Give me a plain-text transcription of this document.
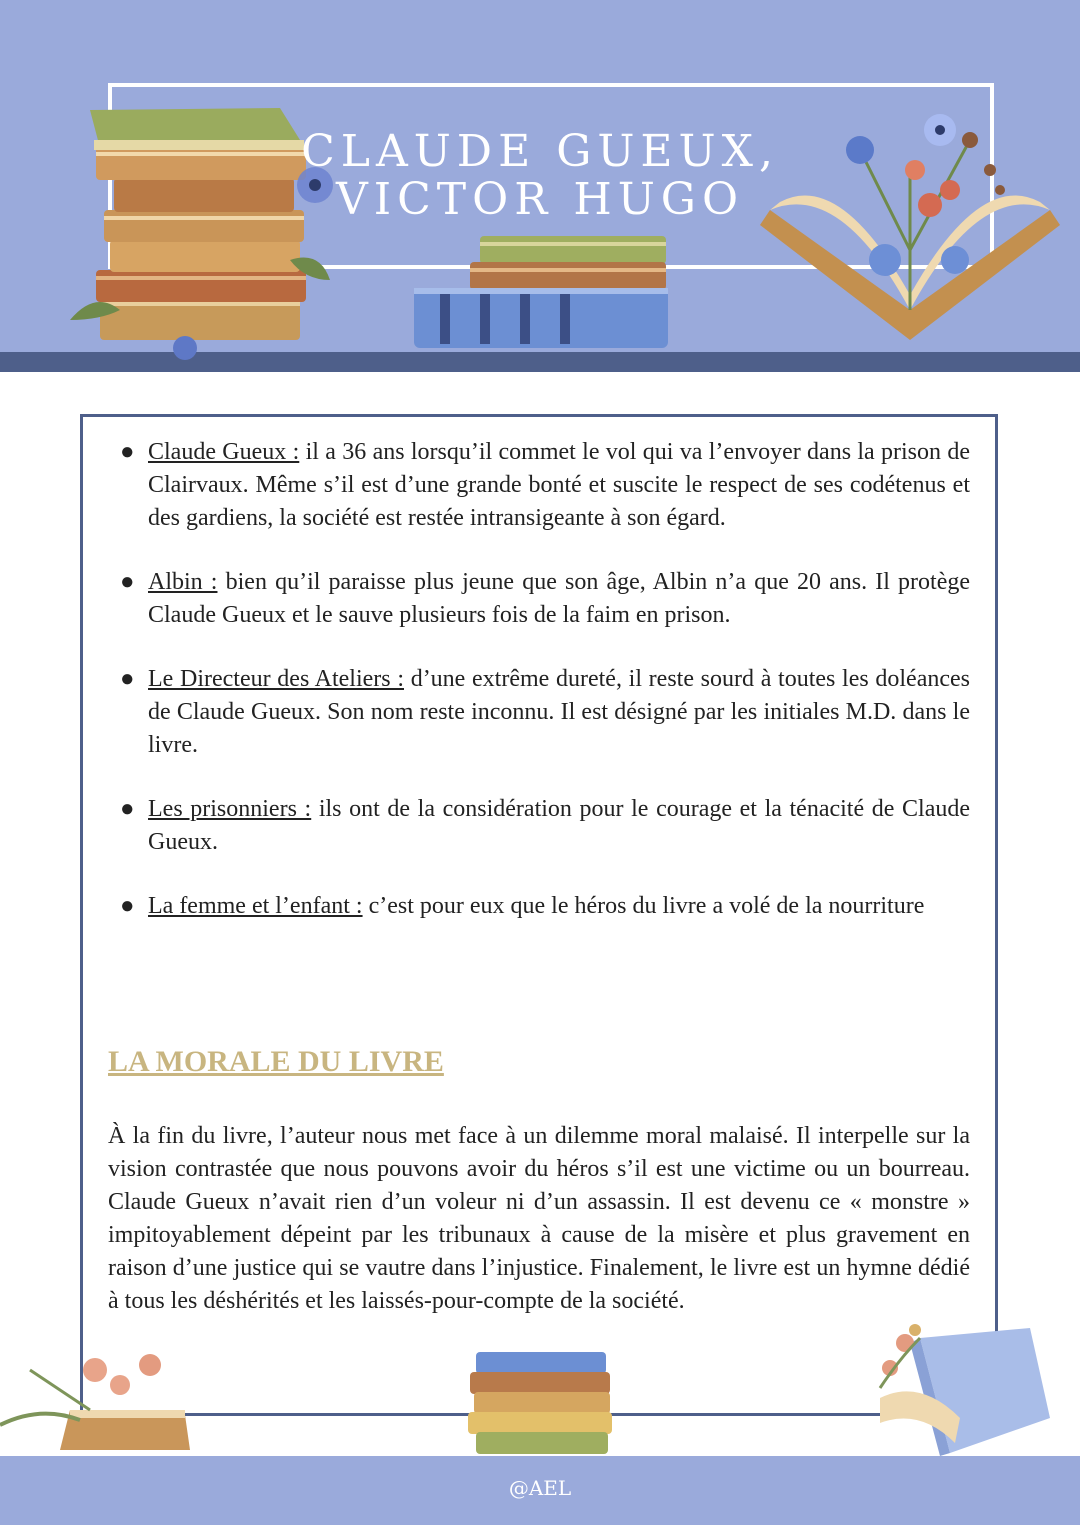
CLAUDE GUEUX,
VICTOR HUGO
● Claude Gueux : il a 36 ans lorsqu’il commet le vol qui va l’envoyer dans la prison de Clairvaux. Même s’il est d’une grande bonté et suscite le respect de ses codétenus et des gardiens, la société est restée intransigeante à son égard.
● Albin : bien qu’il paraisse plus jeune que son âge, Albin n’a que 20 ans. Il protège Claude Gueux et le sauve plusieurs fois de la faim en prison.
● Le Directeur des Ateliers : d’une extrême dureté, il reste sourd à toutes les doléances de Claude Gueux. Son nom reste inconnu. Il est désigné par les initiales M.D. dans le livre.
● Les prisonniers : ils ont de la considération pour le courage et la ténacité de Claude Gueux.
● La femme et l’enfant : c’est pour eux que le héros du livre a volé de la nourriture
LA MORALE DU LIVRE

À la fin du livre, l’auteur nous met face à un dilemme moral malaisé. Il interpelle sur la vision contrastée que nous pouvons avoir du héros s’il est une victime ou un bourreau. Claude Gueux n’avait rien d’un voleur ni d’un assassin. Il est devenu ce « monstre » impitoyablement dépeint par les tribunaux à cause de la misère et plus gravement en raison d’une justice qui se vautre dans l’injustice. Finalement, le livre est un hymne dédié à tous les déshérités et les laissés-pour-compte de la société.

@AEL
